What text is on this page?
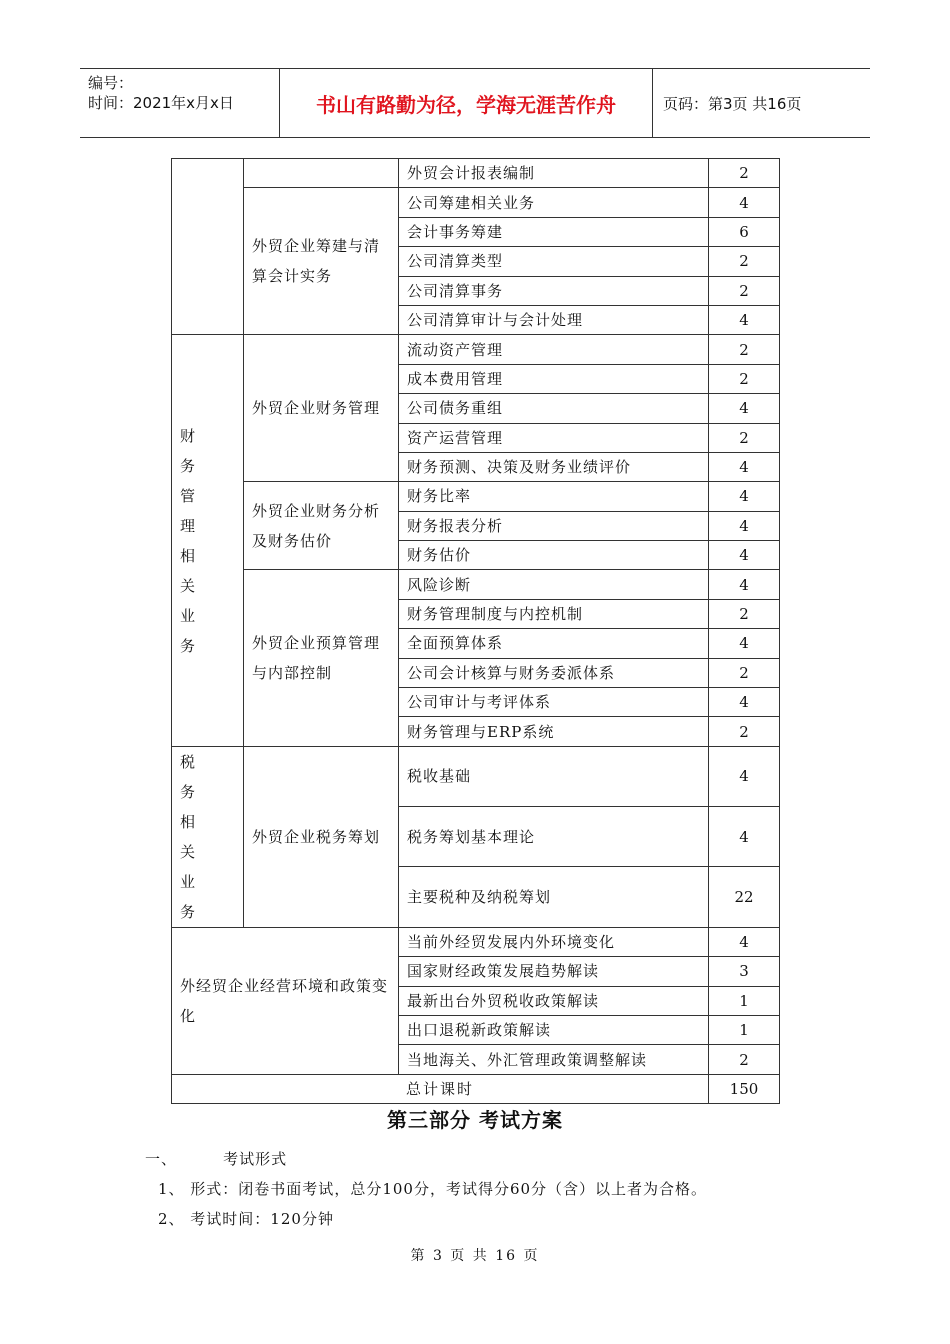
编号：
时间：2021年x月x日	书山有路勤为径，学海无涯苦作舟	页码：第3页 共16页
		外贸会计报表编制	2
	外贸企业筹建与清算会计实务	公司筹建相关业务	4
		会计事务筹建	6
		公司清算类型	2
		公司清算事务	2
		公司清算审计与会计处理	4

财务管理相关业务	外贸企业财务管理	流动资产管理	2
		成本费用管理	2
		公司债务重组	4
		资产运营管理	2
		财务预测、决策及财务业绩评价	4
	外贸企业财务分析及财务估价	财务比率	4
		财务报表分析	4
		财务估价	4
	外贸企业预算管理与内部控制	风险诊断	4
		财务管理制度与内控机制	2
		全面预算体系	4
		公司会计核算与财务委派体系	2
		公司审计与考评体系	4
		财务管理与ERP系统	2

税务相关业务	外贸企业税务筹划	税收基础	4
		税务筹划基本理论	4
		主要税种及纳税筹划	22
外经贸企业经营环境和政策变化		当前外经贸发展内外环境变化	4
		国家财经政策发展趋势解读	3
		最新出台外贸税收政策解读	1
		出口退税新政策解读	1
		当地海关、外汇管理政策调整解读	2
总计课时			150
第三部分 考试方案
一、        考试形式
1、 形式：闭卷书面考试，总分100分，考试得分60分（含）以上者为合格。
2、 考试时间：120分钟
第 3 页 共 16 页
